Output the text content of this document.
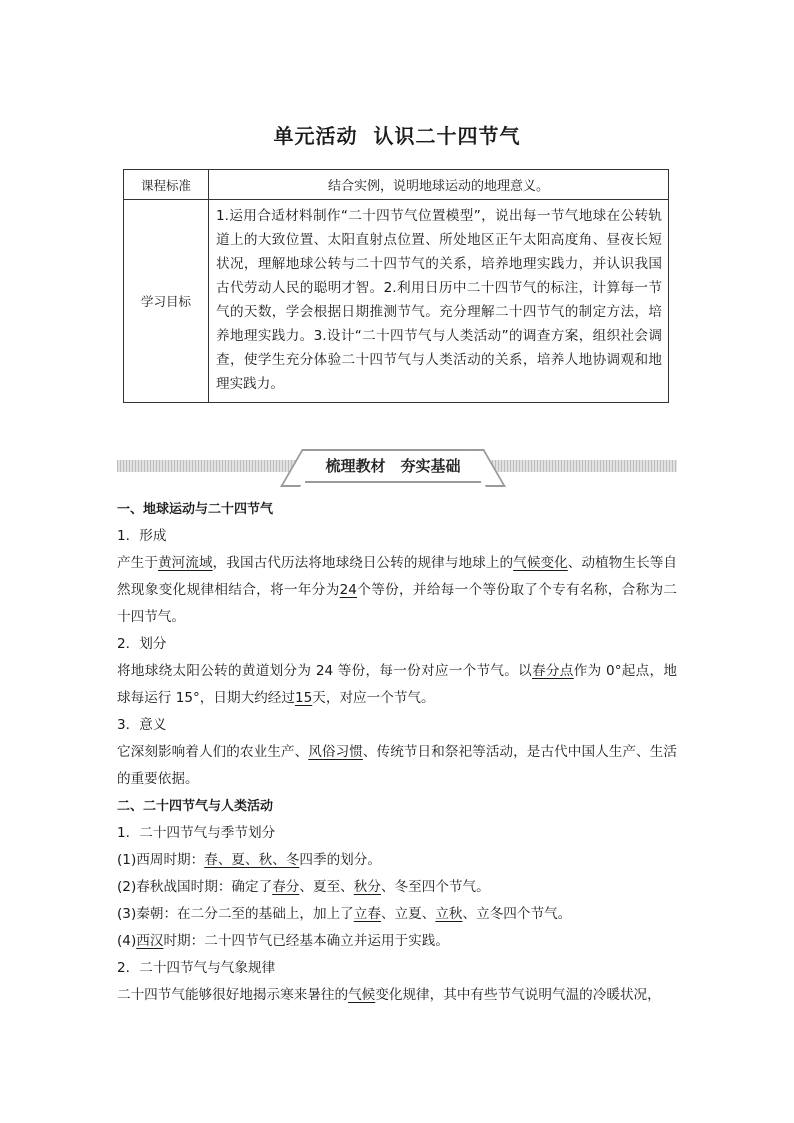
单元活动 认识二十四节气
课程标准	结合实例，说明地球运动的地理意义。
学习目标	1.运用合适材料制作“二十四节气位置模型”，说出每一节气地球在公转轨道上的大致位置、太阳直射点位置、所处地区正午太阳高度角、昼夜长短状况，理解地球公转与二十四节气的关系，培养地理实践力，并认识我国古代劳动人民的聪明才智。2.利用日历中二十四节气的标注，计算每一节气的天数，学会根据日期推测节气。充分理解二十四节气的制定方法，培养地理实践力。3.设计“二十四节气与人类活动”的调查方案，组织社会调查，使学生充分体验二十四节气与人类活动的关系，培养人地协调观和地理实践力。
梳理教材　夯实基础

一、地球运动与二十四节气

1．形成

产生于黄河流域，我国古代历法将地球绕日公转的规律与地球上的气候变化、动植物生长等自然现象变化规律相结合，将一年分为24个等份，并给每一个等份取了个专有名称，合称为二十四节气。

2．划分

将地球绕太阳公转的黄道划分为 24 等份，每一份对应一个节气。以春分点作为 0°起点，地球每运行 15°，日期大约经过15天，对应一个节气。

3．意义

它深刻影响着人们的农业生产、风俗习惯、传统节日和祭祀等活动，是古代中国人生产、生活的重要依据。

二、二十四节气与人类活动

1．二十四节气与季节划分

(1)西周时期：春、夏、秋、冬四季的划分。

(2)春秋战国时期：确定了春分、夏至、秋分、冬至四个节气。

(3)秦朝：在二分二至的基础上，加上了立春、立夏、立秋、立冬四个节气。

(4)西汉时期：二十四节气已经基本确立并运用于实践。

2．二十四节气与气象规律

二十四节气能够很好地揭示寒来暑往的气候变化规律，其中有些节气说明气温的冷暖状况，
